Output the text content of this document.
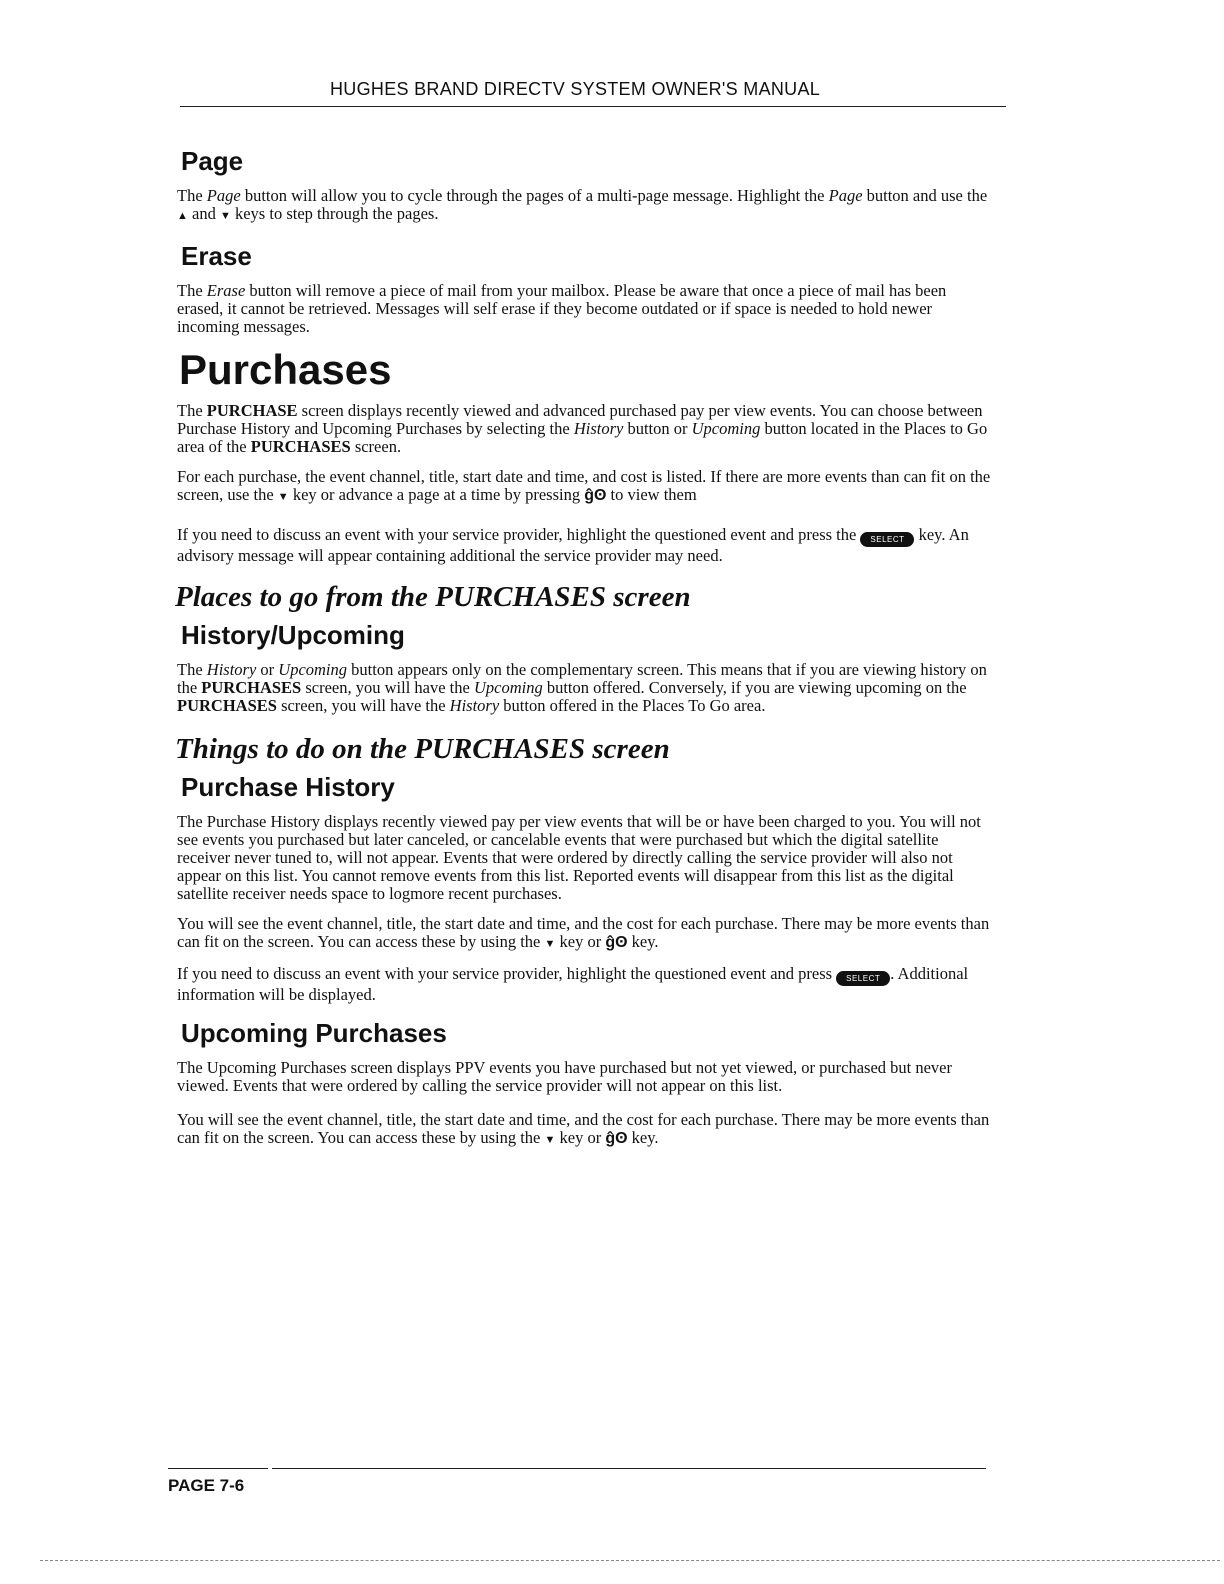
HUGHES BRAND DIRECTV SYSTEM OWNER'S MANUAL
Page

The Page button will allow you to cycle through the pages of a multi-page message. Highlight the Page button and use the ▲ and ▼ keys to step through the pages.

Erase

The Erase button will remove a piece of mail from your mailbox. Please be aware that once a piece of mail has been erased, it cannot be retrieved. Messages will self erase if they become outdated or if space is needed to hold newer incoming messages.

Purchases

The PURCHASE screen displays recently viewed and advanced purchased pay per view events. You can choose between Purchase History and Upcoming Purchases by selecting the History button or Upcoming button located in the Places to Go area of the PURCHASES screen.

For each purchase, the event channel, title, start date and time, and cost is listed. If there are more events than can fit on the screen, use the ▼ key or advance a page at a time by pressing ĝʘ to view them

If you need to discuss an event with your service provider, highlight the questioned event and press the SELECT key. An advisory message will appear containing additional the service provider may need.

Places to go from the PURCHASES screen
History/Upcoming

The History or Upcoming button appears only on the complementary screen. This means that if you are viewing history on the PURCHASES screen, you will have the Upcoming button offered. Conversely, if you are viewing upcoming on the PURCHASES screen, you will have the History button offered in the Places To Go area.

Things to do on the PURCHASES screen
Purchase History

The Purchase History displays recently viewed pay per view events that will be or have been charged to you. You will not see events you purchased but later canceled, or cancelable events that were purchased but which the digital satellite receiver never tuned to, will not appear. Events that were ordered by directly calling the service provider will also not appear on this list. You cannot remove events from this list. Reported events will disappear from this list as the digital satellite receiver needs space to logmore recent purchases.

You will see the event channel, title, the start date and time, and the cost for each purchase. There may be more events than can fit on the screen. You can access these by using the ▼ key or ĝʘ key.

If you need to discuss an event with your service provider, highlight the questioned event and press SELECT . Additional information will be displayed.

Upcoming Purchases

The Upcoming Purchases screen displays PPV events you have purchased but not yet viewed, or purchased but never viewed. Events that were ordered by calling the service provider will not appear on this list.

You will see the event channel, title, the start date and time, and the cost for each purchase. There may be more events than can fit on the screen. You can access these by using the ▼ key or ĝʘ key.

PAGE 7-6
